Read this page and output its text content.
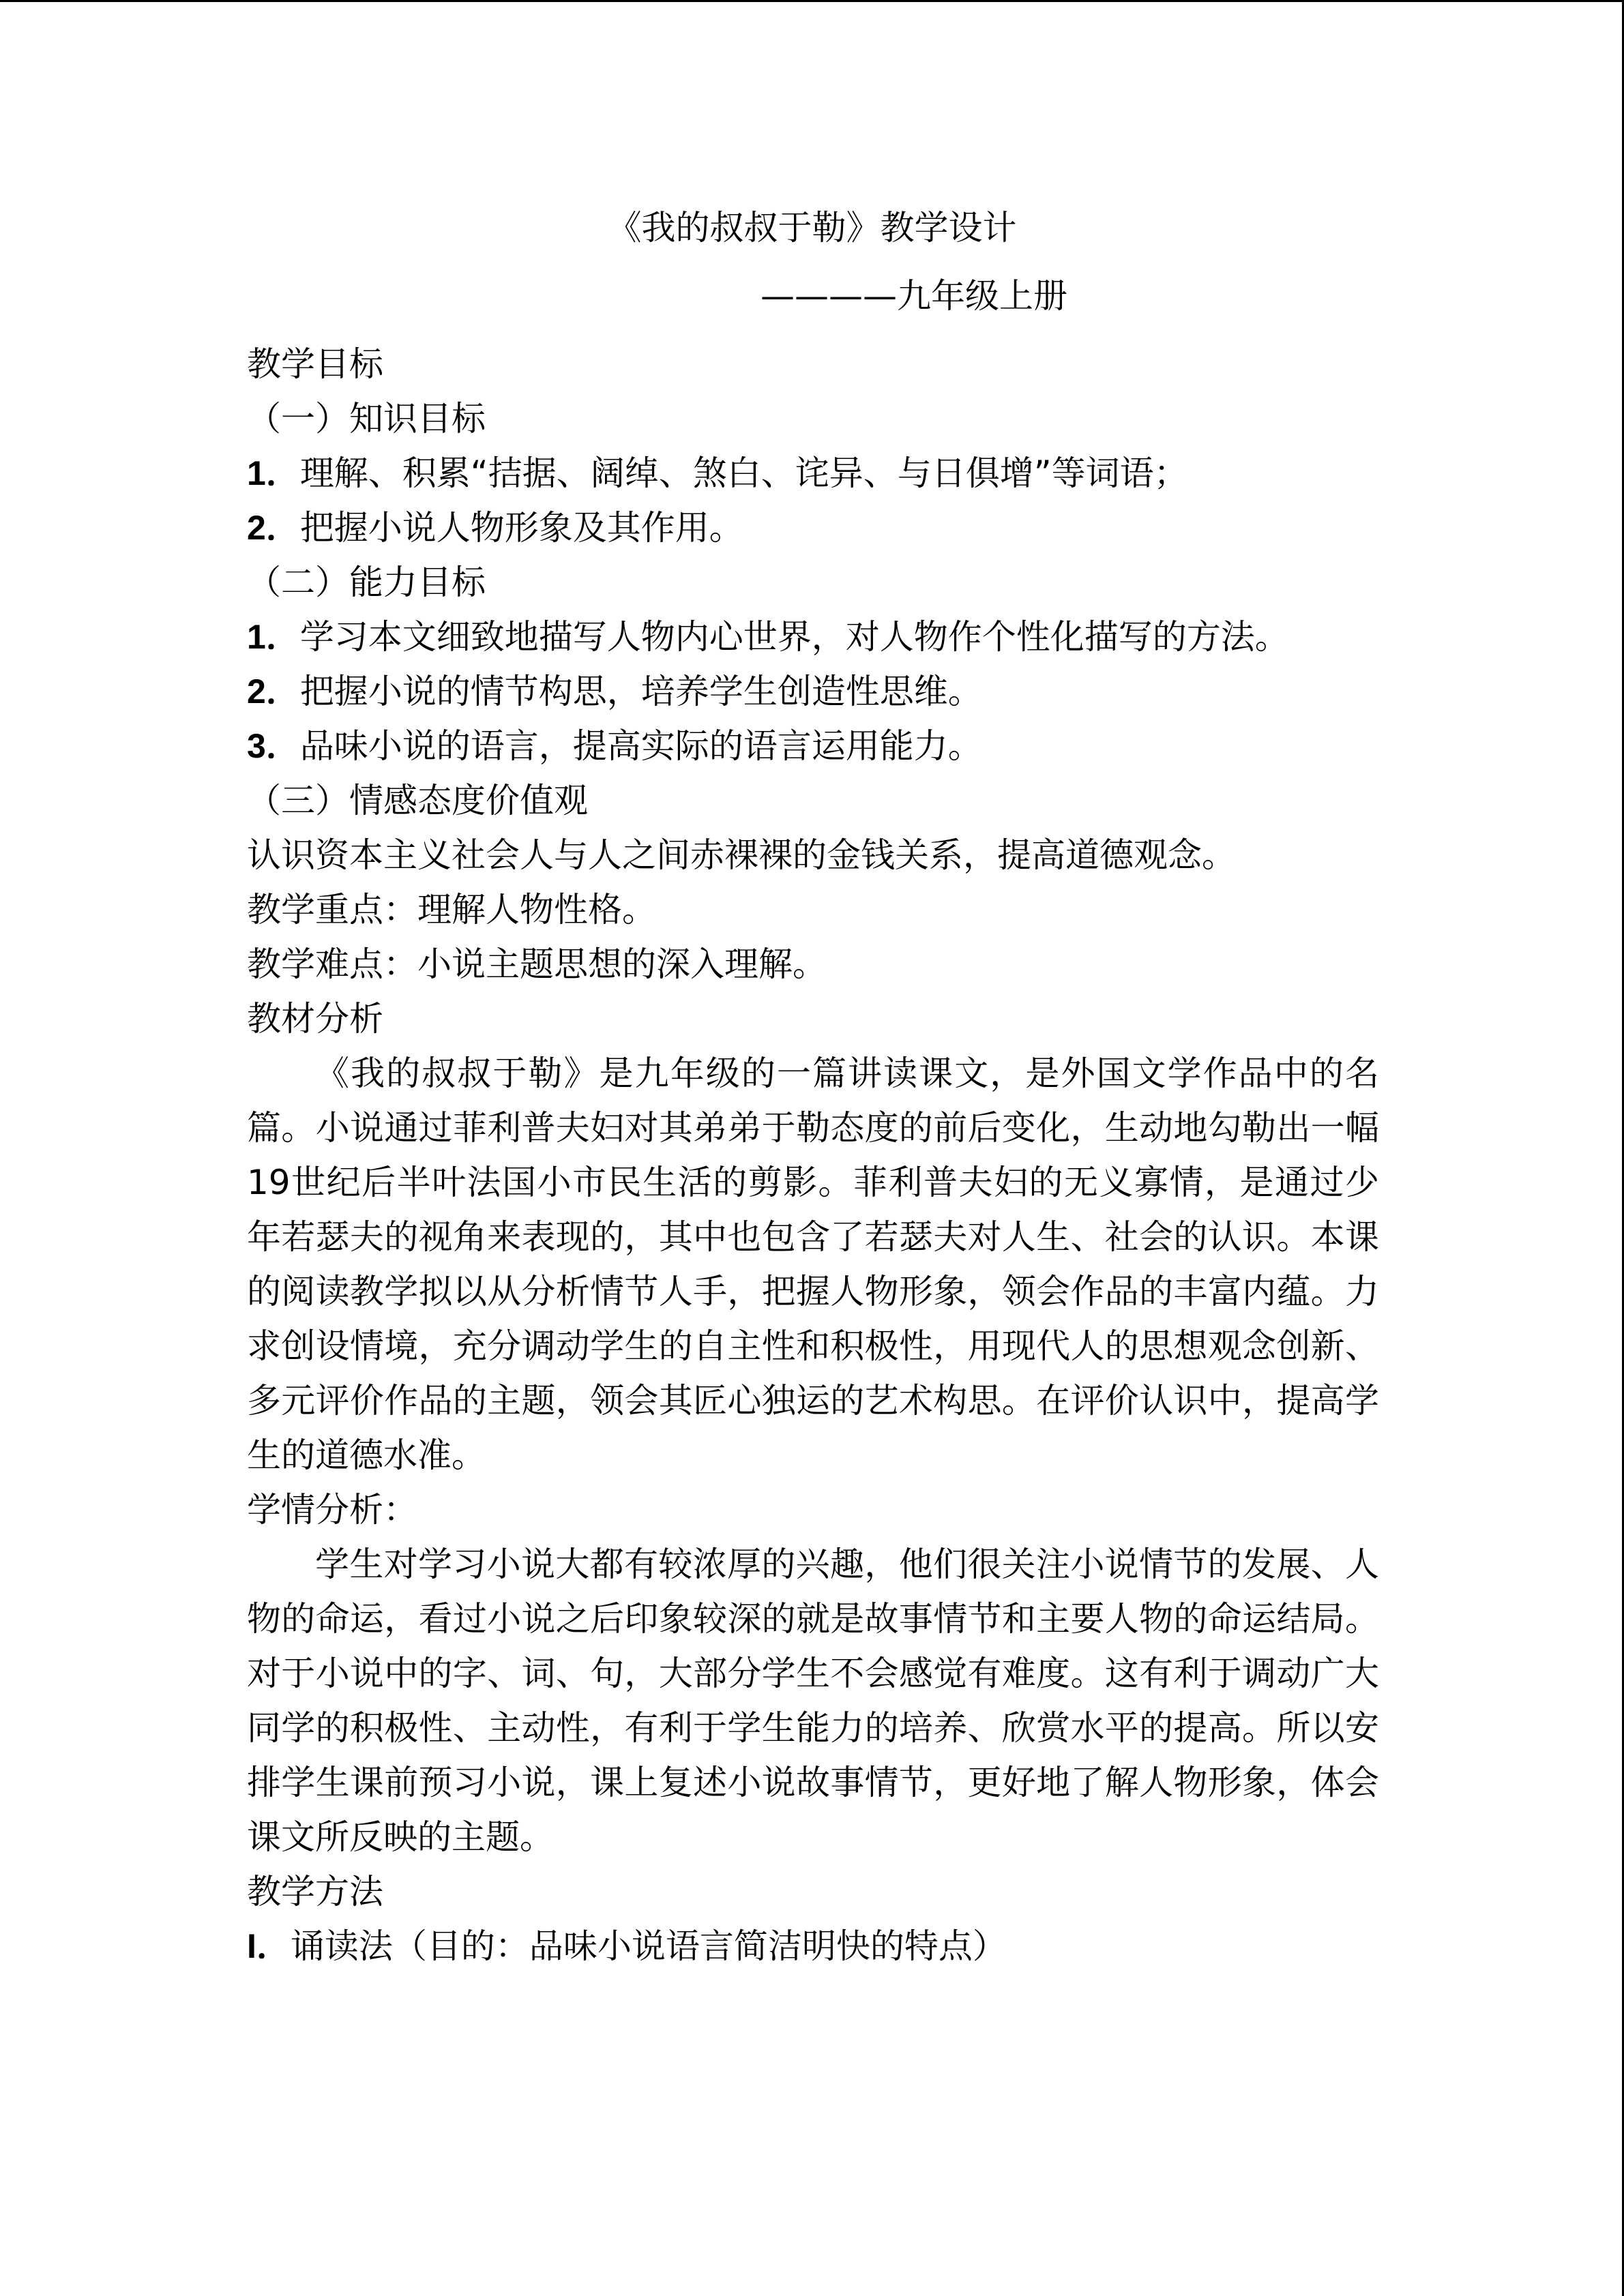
《我的叔叔于勒》教学设计
————九年级上册
教学目标
（一）知识目标
1．理解、积累“拮据、阔绰、煞白、诧异、与日俱增”等词语；
2．把握小说人物形象及其作用。
（二）能力目标
1．学习本文细致地描写人物内心世界，对人物作个性化描写的方法。
2．把握小说的情节构思，培养学生创造性思维。
3．品味小说的语言，提高实际的语言运用能力。
（三）情感态度价值观
认识资本主义社会人与人之间赤裸裸的金钱关系，提高道德观念。
教学重点：理解人物性格。
教学难点：小说主题思想的深入理解。
教材分析
《我的叔叔于勒》是九年级的一篇讲读课文，是外国文学作品中的名篇。小说通过菲利普夫妇对其弟弟于勒态度的前后变化，生动地勾勒出一幅19世纪后半叶法国小市民生活的剪影。菲利普夫妇的无义寡情，是通过少年若瑟夫的视角来表现的，其中也包含了若瑟夫对人生、社会的认识。本课的阅读教学拟以从分析情节人手，把握人物形象，领会作品的丰富内蕴。力求创设情境，充分调动学生的自主性和积极性，用现代人的思想观念创新、多元评价作品的主题，领会其匠心独运的艺术构思。在评价认识中，提高学生的道德水准。
学情分析：
学生对学习小说大都有较浓厚的兴趣，他们很关注小说情节的发展、人物的命运，看过小说之后印象较深的就是故事情节和主要人物的命运结局。对于小说中的字、词、句，大部分学生不会感觉有难度。这有利于调动广大同学的积极性、主动性，有利于学生能力的培养、欣赏水平的提高。所以安排学生课前预习小说，课上复述小说故事情节，更好地了解人物形象，体会课文所反映的主题。
教学方法
I．诵读法（目的：品味小说语言简洁明快的特点）
